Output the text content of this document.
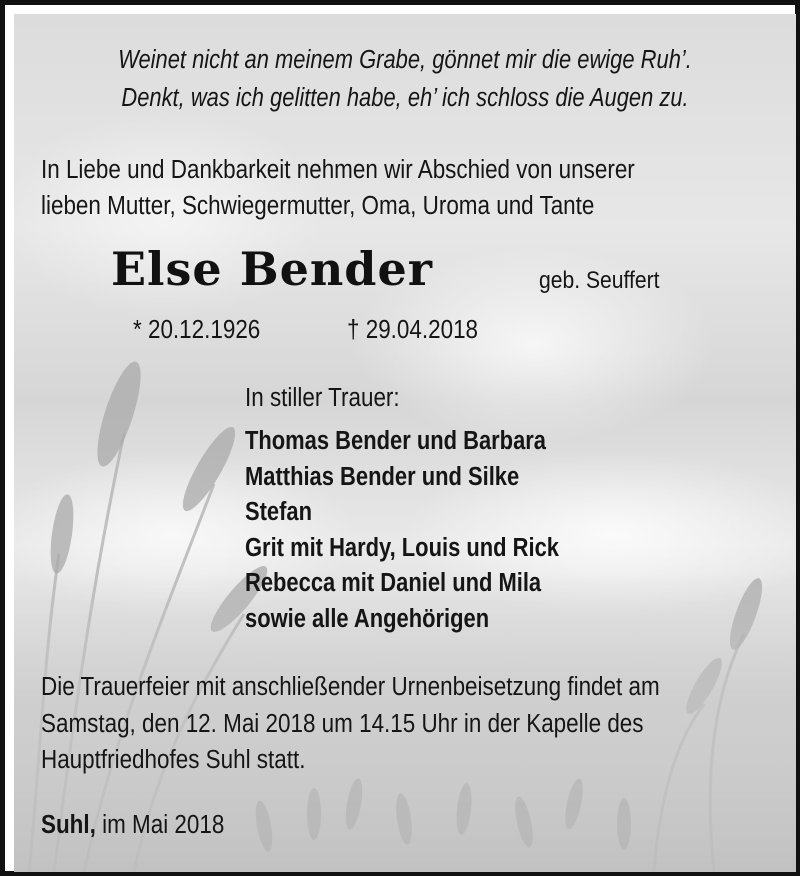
Weinet nicht an meinem Grabe, gönnet mir die ewige Ruh’.
Denkt, was ich gelitten habe, eh’ ich schloss die Augen zu.
In Liebe und Dankbarkeit nehmen wir Abschied von unserer
lieben Mutter, Schwiegermutter, Oma, Uroma und Tante
Else Bender	geb. Seuffert
* 20.12.1926	† 29.04.2018
In stiller Trauer:
Thomas Bender und Barbara
Matthias Bender und Silke
Stefan
Grit mit Hardy, Louis und Rick
Rebecca mit Daniel und Mila
sowie alle Angehörigen
Die Trauerfeier mit anschließender Urnenbeisetzung findet am
Samstag, den 12. Mai 2018 um 14.15 Uhr in der Kapelle des
Hauptfriedhofes Suhl statt.
Suhl, im Mai 2018
